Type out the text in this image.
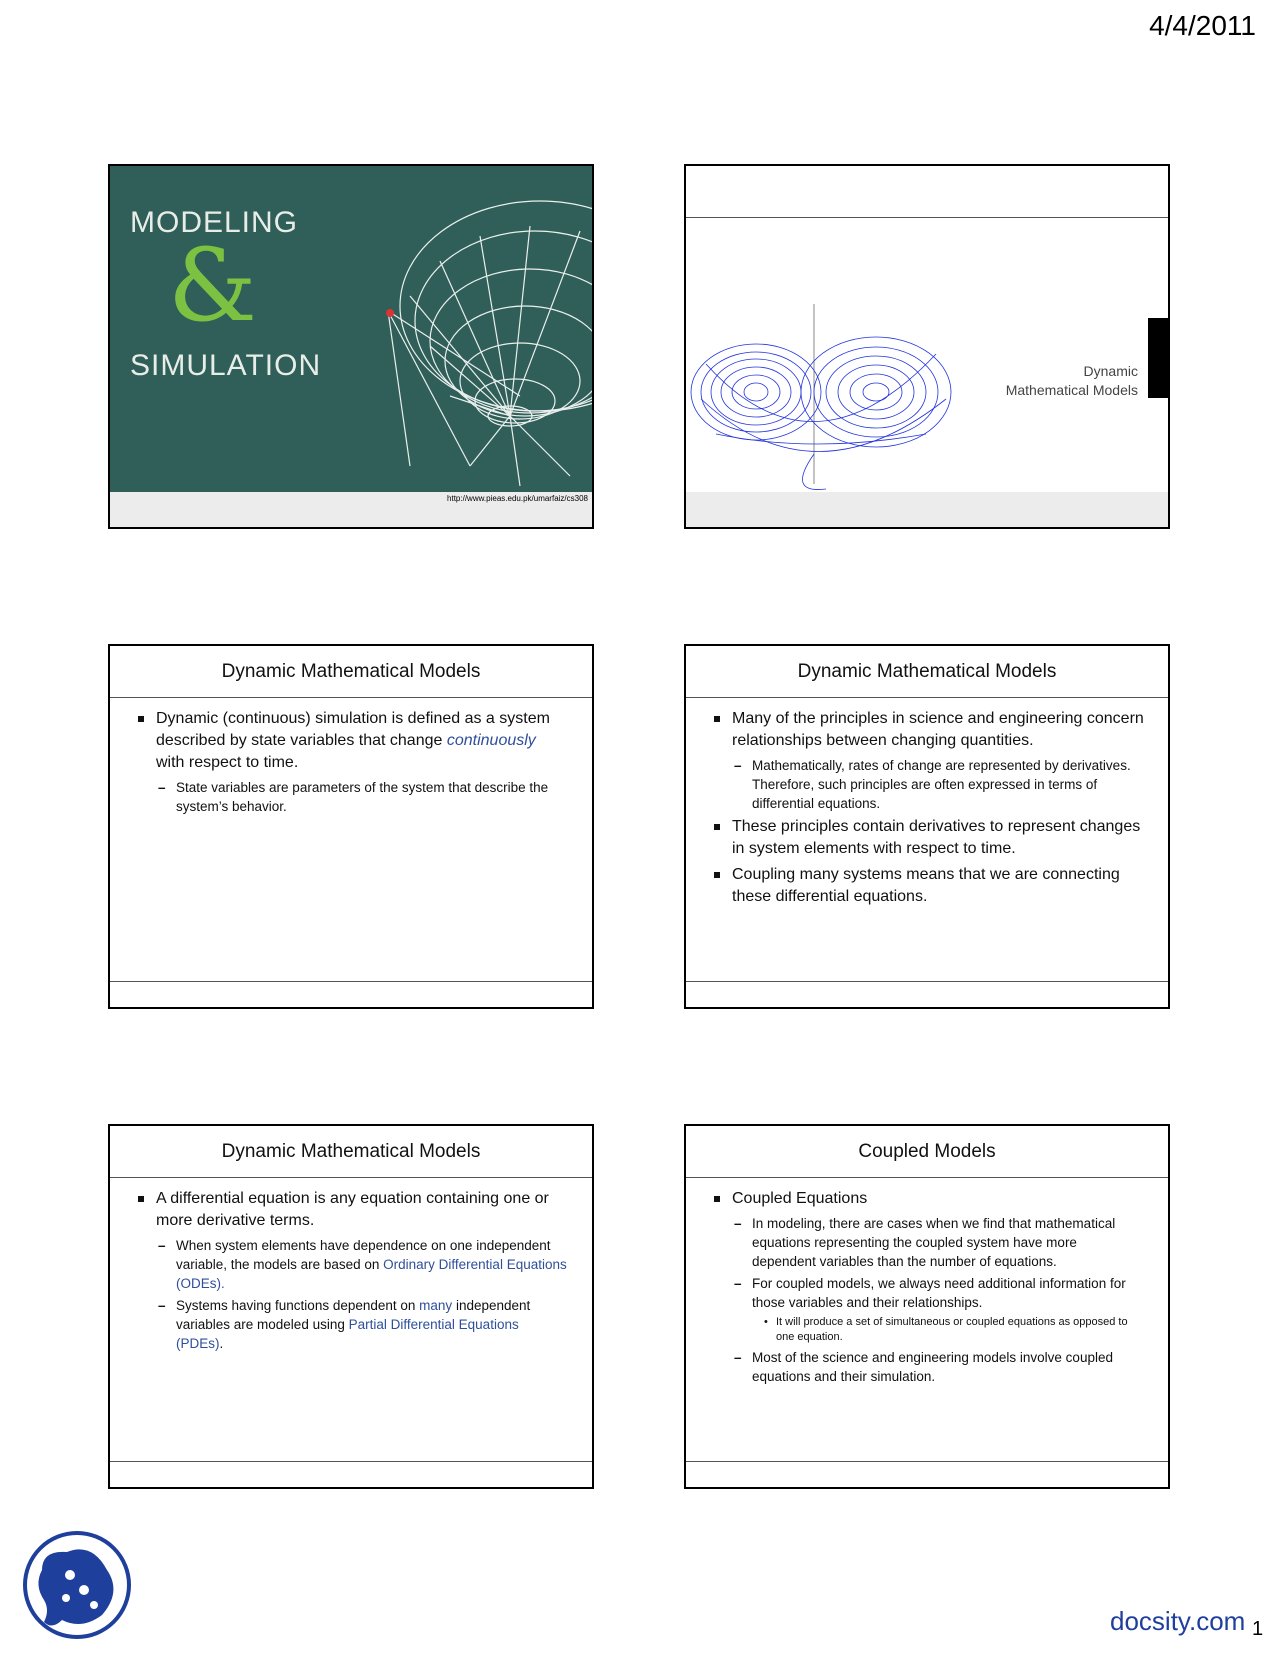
4/4/2011
MODELING
&
SIMULATION
http://www.pieas.edu.pk/umarfaiz/cs308
Dynamic
Mathematical Models
Dynamic Mathematical Models
Dynamic (continuous) simulation is defined as a system described by state variables that change continuously with respect to time.
– State variables are parameters of the system that describe the system’s behavior.
Dynamic Mathematical Models
Many of the principles in science and engineering concern relationships between changing quantities.
– Mathematically, rates of change are represented by derivatives. Therefore, such principles are often expressed in terms of differential equations.
These principles contain derivatives to represent changes in system elements with respect to time.
Coupling many systems means that we are connecting these differential equations.
Dynamic Mathematical Models
A differential equation is any equation containing one or more derivative terms.
– When system elements have dependence on one independent variable, the models are based on Ordinary Differential Equations (ODEs).
– Systems having functions dependent on many independent variables are modeled using Partial Differential Equations (PDEs).
Coupled Models
Coupled Equations
– In modeling, there are cases when we find that mathematical equations representing the coupled system have more dependent variables than the number of equations.
– For coupled models, we always need additional information for those variables and their relationships.
• It will produce a set of simultaneous or coupled equations as opposed to one equation.
– Most of the science and engineering models involve coupled equations and their simulation.
docsity.com 1
